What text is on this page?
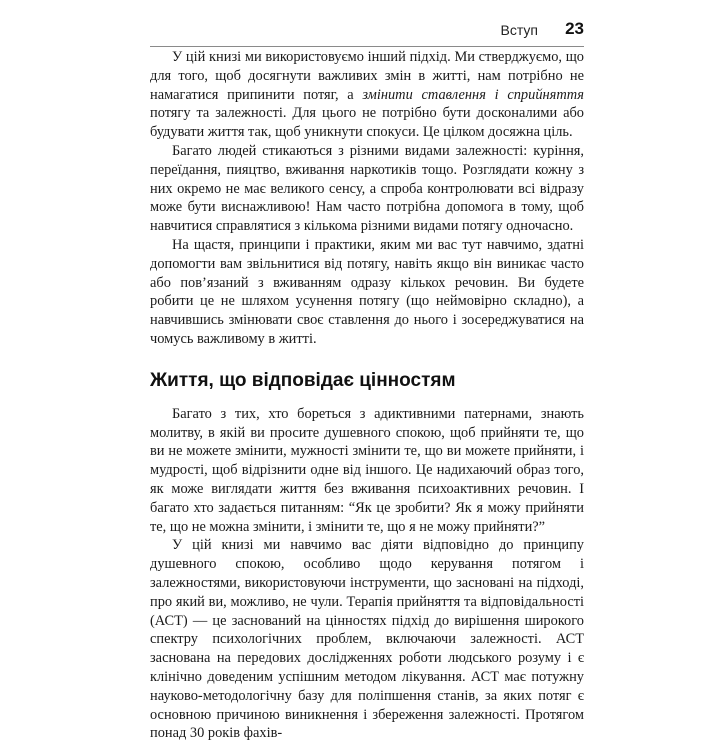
Вступ 23

У цій книзі ми використовуємо інший підхід. Ми стверджуємо, що для того, щоб досягнути важливих змін в житті, нам потрібно не намагатися припинити потяг, а змінити ставлення і сприйняття потягу та залежності. Для цього не потрібно бути досконалими або будувати життя так, щоб уникнути спокуси. Це цілком досяжна ціль.

Багато людей стикаються з різними видами залежності: куріння, переїдання, пияцтво, вживання наркотиків тощо. Розглядати кожну з них окремо не має великого сенсу, а спроба контролювати всі відразу може бути виснажливою! Нам часто потрібна допомога в тому, щоб навчитися справлятися з кількома різними видами потягу одночасно.

На щастя, принципи і практики, яким ми вас тут навчимо, здатні допомогти вам звільнитися від потягу, навіть якщо він виникає часто або пов’язаний з вживанням одразу кількох речовин. Ви будете робити це не шляхом усунення потягу (що неймовірно складно), а навчившись змінювати своє ставлення до нього і зосереджуватися на чомусь важливому в житті.

Життя, що відповідає цінностям

Багато з тих, хто бореться з адиктивними патернами, знають молитву, в якій ви просите душевного спокою, щоб прийняти те, що ви не можете змінити, мужності змінити те, що ви можете прийняти, і мудрості, щоб відрізнити одне від іншого. Це надихаючий образ того, як може виглядати життя без вживання психоактивних речовин. І багато хто задається питанням: “Як це зробити? Як я можу прийняти те, що не можна змінити, і змінити те, що я не можу прийняти?”

У цій книзі ми навчимо вас діяти відповідно до принципу душевного спокою, особливо щодо керування потягом і залежностями, використовуючи інструменти, що засновані на підході, про який ви, можливо, не чули. Терапія прийняття та відповідальності (АСТ) — це заснований на цінностях підхід до вирішення широкого спектру психологічних проблем, включаючи залежності. АСТ заснована на передових дослідженнях роботи людського розуму і є клінічно доведеним успішним методом лікування. АСТ має потужну науково-методологічну базу для поліпшення станів, за яких потяг є основною причиною виникнення і збереження залежності. Протягом понад 30 років фахів-
